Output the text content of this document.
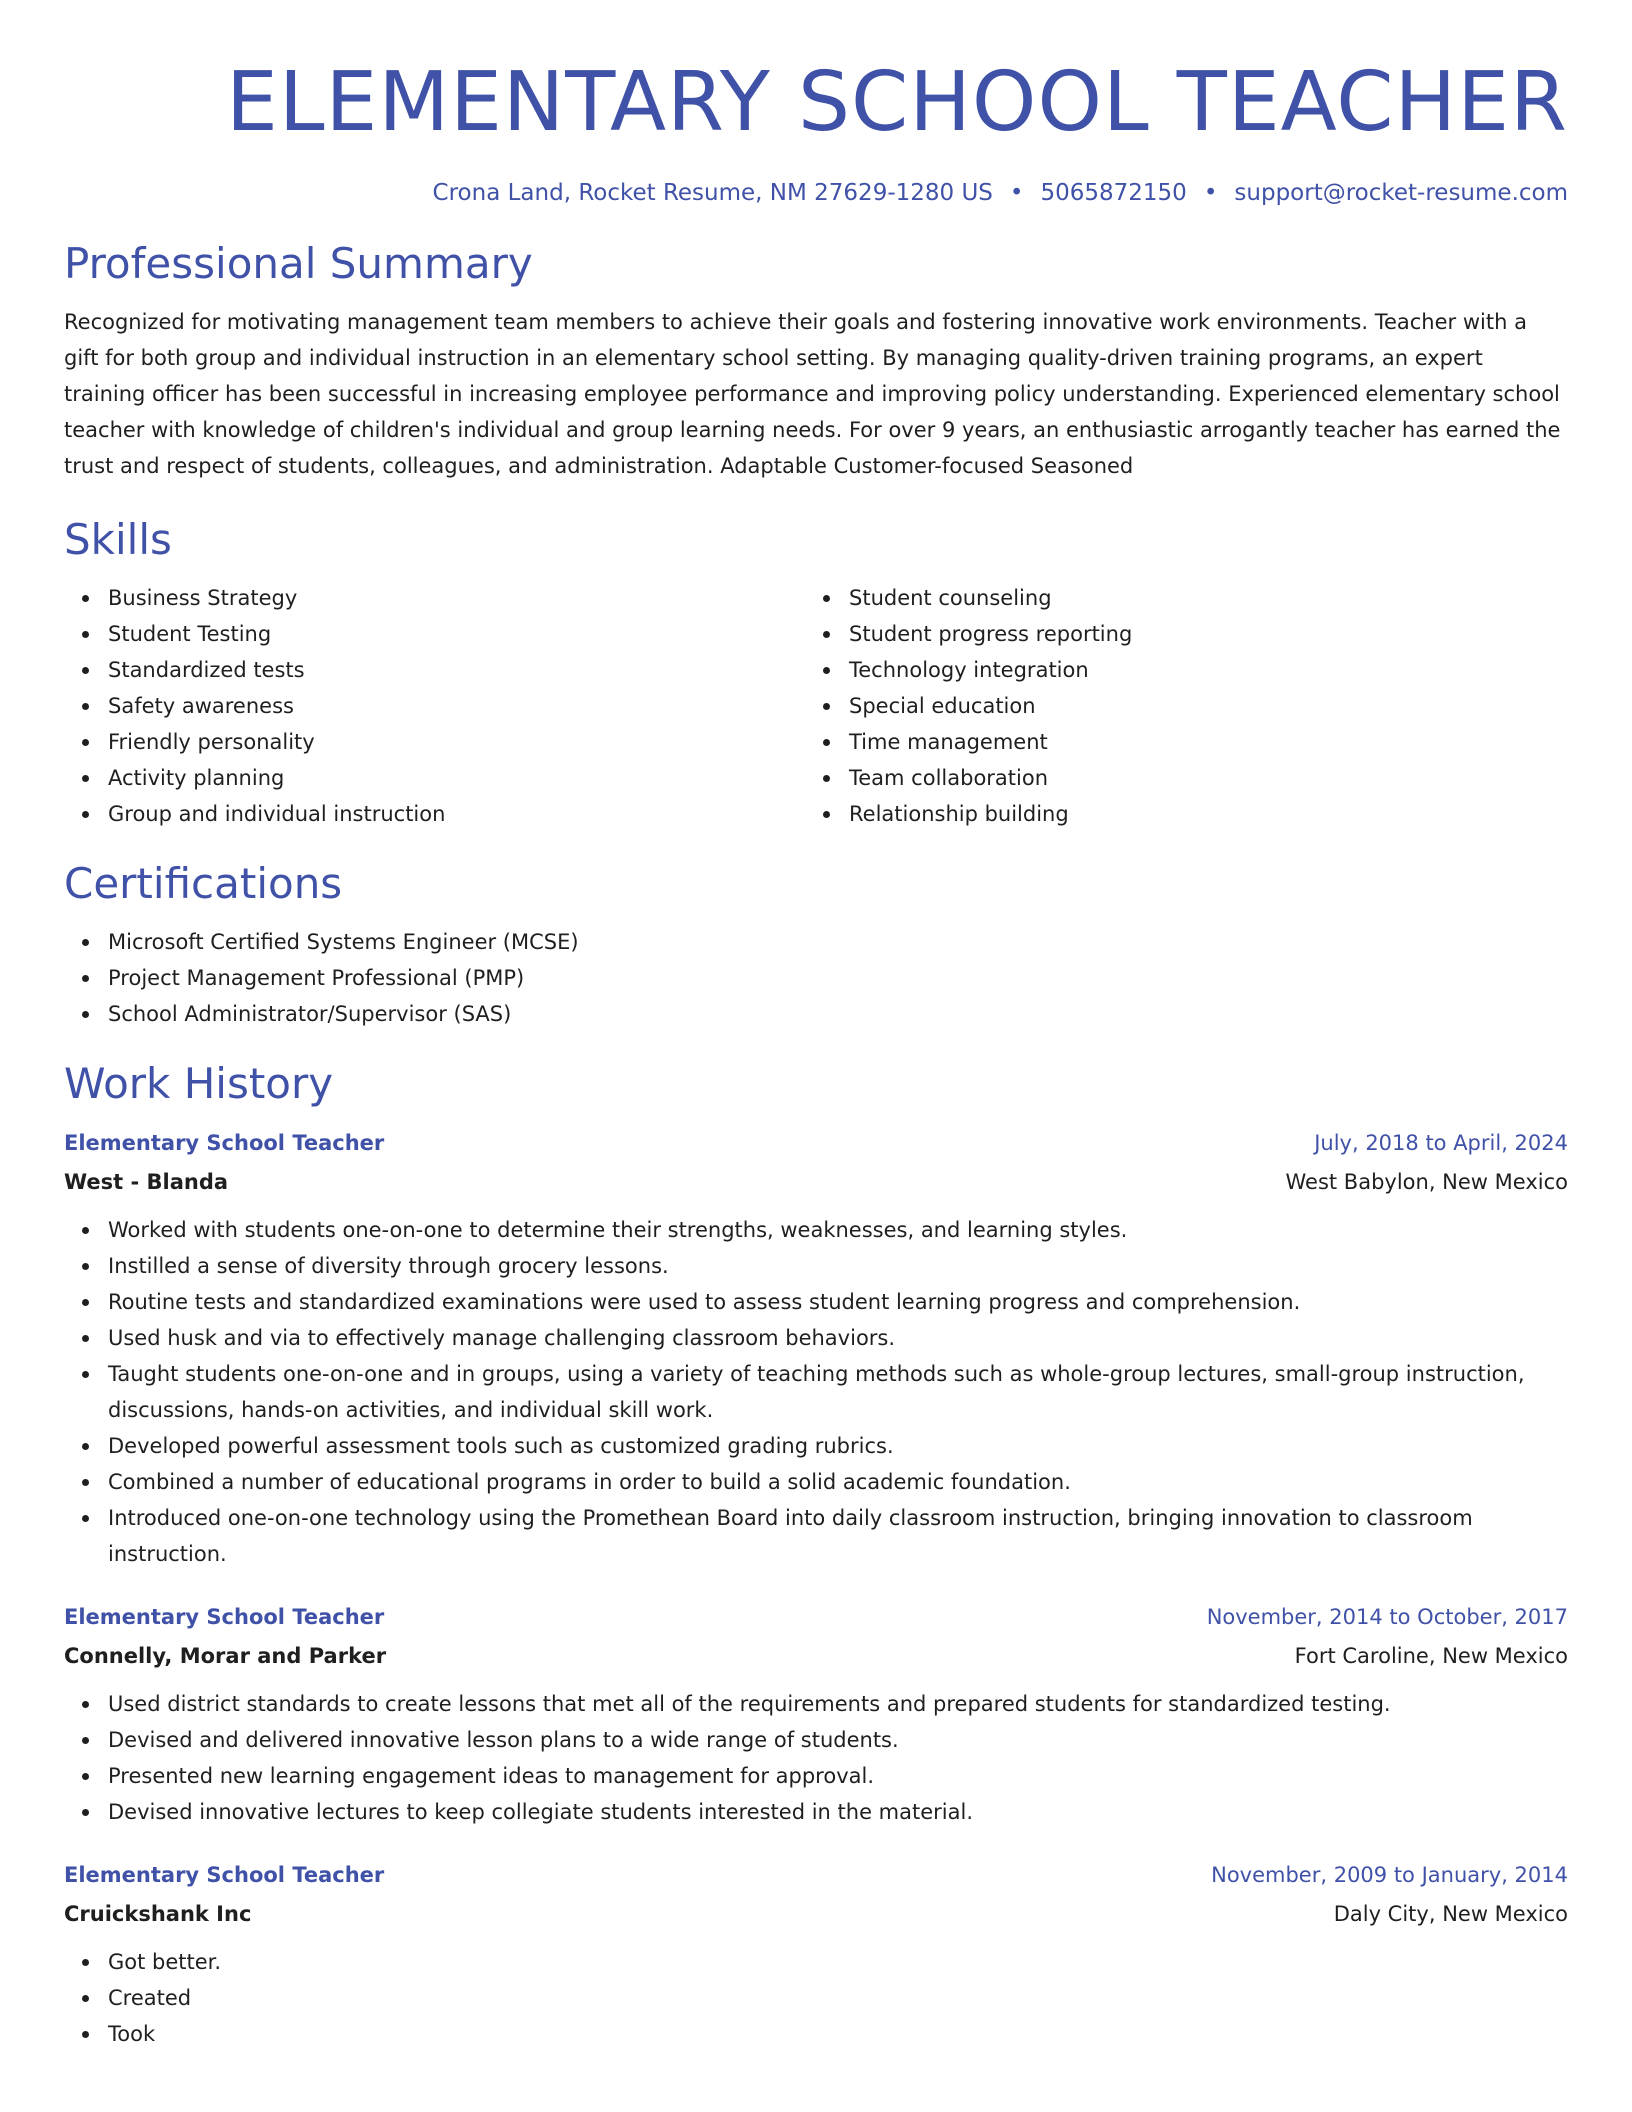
ELEMENTARY SCHOOL TEACHER
Crona Land, Rocket Resume, NM 27629-1280 US • 5065872150 • support@rocket-resume.com
Professional Summary

Recognized for motivating management team members to achieve their goals and fostering innovative work environments. Teacher with a gift for both group and individual instruction in an elementary school setting. By managing quality-driven training programs, an expert training officer has been successful in increasing employee performance and improving policy understanding. Experienced elementary school teacher with knowledge of children's individual and group learning needs. For over 9 years, an enthusiastic arrogantly teacher has earned the trust and respect of students, colleagues, and administration. Adaptable Customer-focused Seasoned

Skills
Business Strategy
Student Testing
Standardized tests
Safety awareness
Friendly personality
Activity planning
Group and individual instruction
Student counseling
Student progress reporting
Technology integration
Special education
Time management
Team collaboration
Relationship building
Certifications
Microsoft Certified Systems Engineer (MCSE)
Project Management Professional (PMP)
School Administrator/Supervisor (SAS)
Work History
Elementary School Teacher	July, 2018 to April, 2024
West - Blanda	West Babylon, New Mexico
Worked with students one-on-one to determine their strengths, weaknesses, and learning styles.
Instilled a sense of diversity through grocery lessons.
Routine tests and standardized examinations were used to assess student learning progress and comprehension.
Used husk and via to effectively manage challenging classroom behaviors.
Taught students one-on-one and in groups, using a variety of teaching methods such as whole-group lectures, small-group instruction, discussions, hands-on activities, and individual skill work.
Developed powerful assessment tools such as customized grading rubrics.
Combined a number of educational programs in order to build a solid academic foundation.
Introduced one-on-one technology using the Promethean Board into daily classroom instruction, bringing innovation to classroom instruction.
Elementary School Teacher	November, 2014 to October, 2017
Connelly, Morar and Parker	Fort Caroline, New Mexico
Used district standards to create lessons that met all of the requirements and prepared students for standardized testing.
Devised and delivered innovative lesson plans to a wide range of students.
Presented new learning engagement ideas to management for approval.
Devised innovative lectures to keep collegiate students interested in the material.
Elementary School Teacher	November, 2009 to January, 2014
Cruickshank Inc	Daly City, New Mexico
Got better.
Created
Took
